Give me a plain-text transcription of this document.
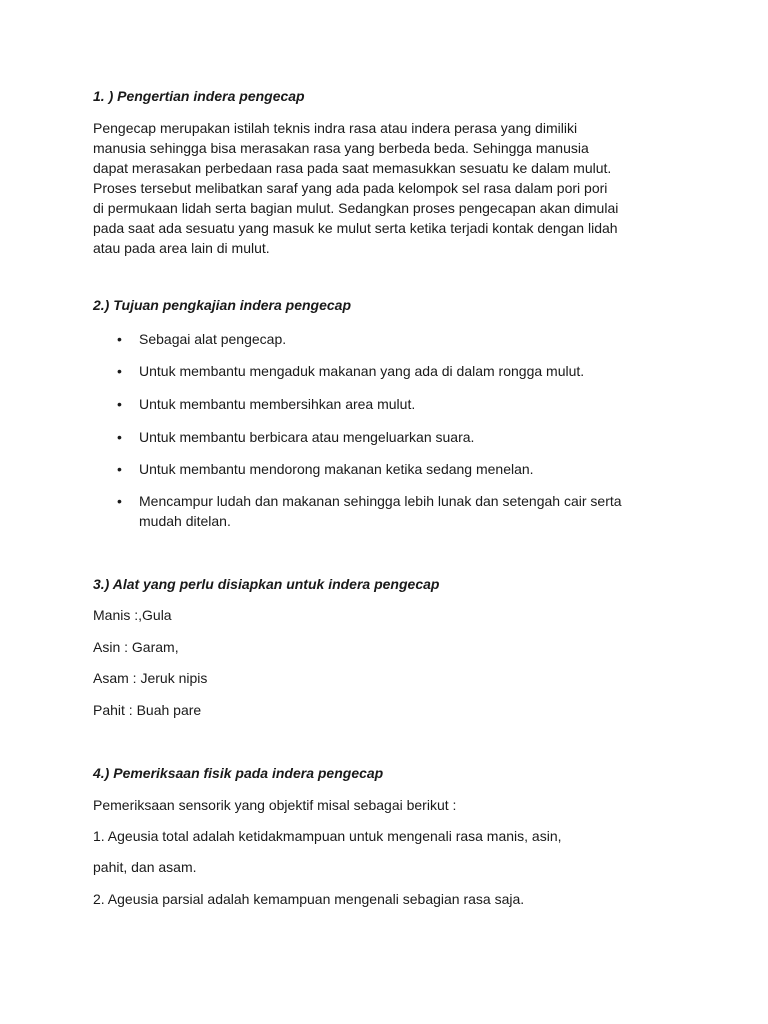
1. ) Pengertian indera pengecap
Pengecap merupakan istilah teknis indra rasa atau indera perasa yang dimiliki
manusia sehingga bisa merasakan rasa yang berbeda beda. Sehingga manusia
dapat merasakan perbedaan rasa pada saat memasukkan sesuatu ke dalam mulut.
Proses tersebut melibatkan saraf yang ada pada kelompok sel rasa dalam pori pori
di permukaan lidah serta bagian mulut. Sedangkan proses pengecapan akan dimulai
pada saat ada sesuatu yang masuk ke mulut serta ketika terjadi kontak dengan lidah
atau pada area lain di mulut.
2.) Tujuan pengkajian indera pengecap
•	Sebagai alat pengecap.
•	Untuk membantu mengaduk makanan yang ada di dalam rongga mulut.
•	Untuk membantu membersihkan area mulut.
•	Untuk membantu berbicara atau mengeluarkan suara.
•	Untuk membantu mendorong makanan ketika sedang menelan.
•	Mencampur ludah dan makanan sehingga lebih lunak dan setengah cair serta
mudah ditelan.
3.) Alat yang perlu disiapkan untuk indera pengecap
Manis :,Gula
Asin : Garam,
Asam : Jeruk nipis
Pahit : Buah pare
4.) Pemeriksaan fisik pada indera pengecap
Pemeriksaan sensorik yang objektif misal sebagai berikut :
1. Ageusia total adalah ketidakmampuan untuk mengenali rasa manis, asin,
pahit, dan asam.
2. Ageusia parsial adalah kemampuan mengenali sebagian rasa saja.
